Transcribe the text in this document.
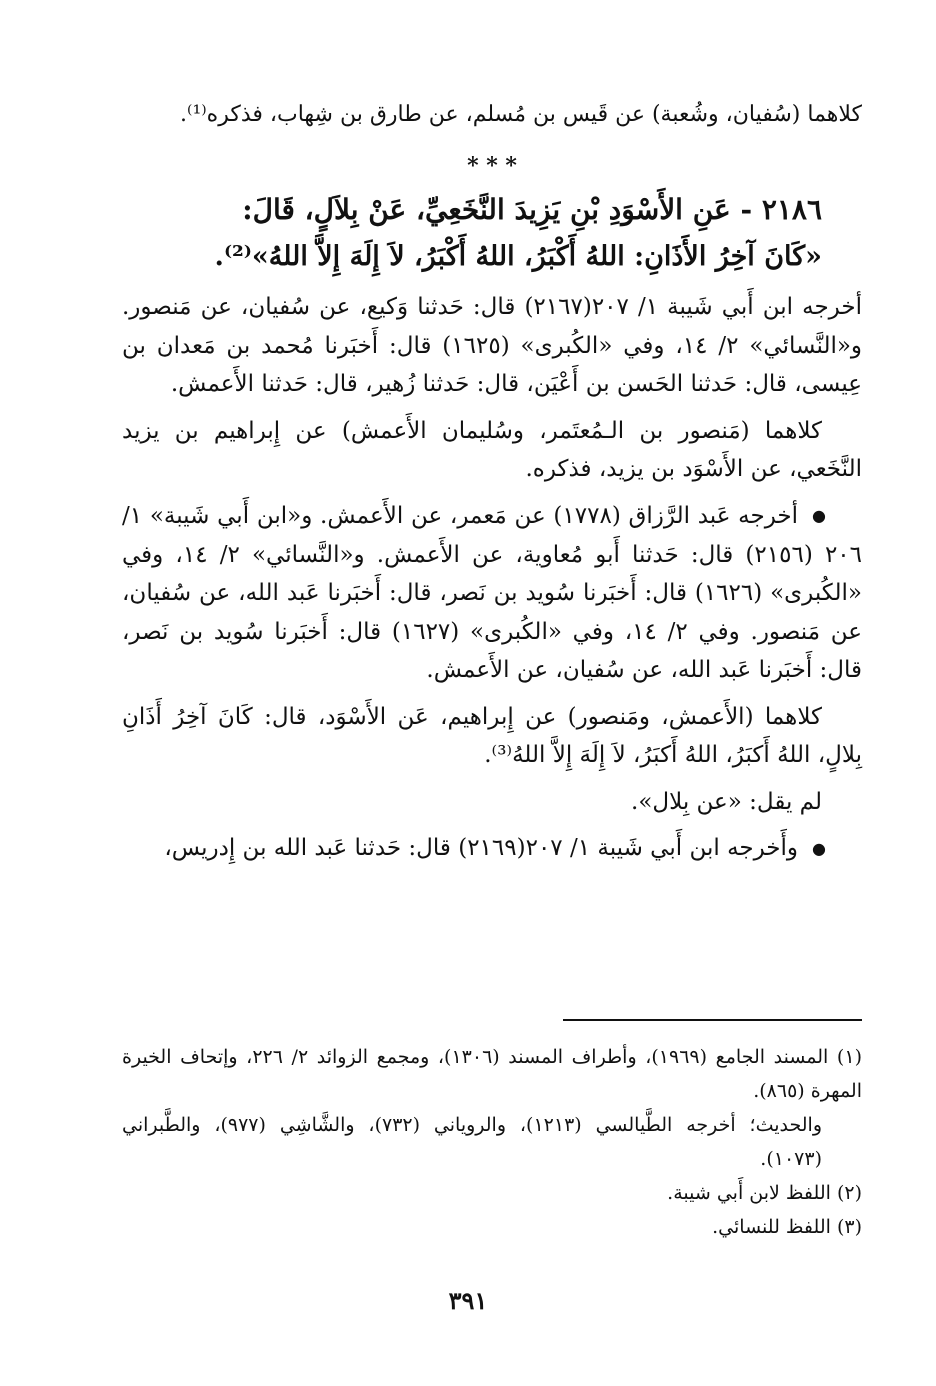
كلاهما (سُفيان، وشُعبة) عن قَيس بن مُسلم، عن طارق بن شِهاب، فذكره⁽¹⁾.

* * *

٢١٨٦ - عَنِ الأَسْوَدِ بْنِ يَزِيدَ النَّخَعِيِّ، عَنْ بِلاَلٍ، قَالَ:

«كَانَ آخِرُ الأَذَانِ: اللهُ أَكْبَرُ، اللهُ أَكْبَرُ، لاَ إِلَهَ إِلاَّ اللهُ»⁽²⁾.

أخرجه ابن أَبي شَيبة ١/ ٢٠٧(٢١٦٧) قال: حَدثنا وَكيع، عن سُفيان، عن مَنصور. و«النَّسائي» ٢/ ١٤، وفي «الكُبرى» (١٦٢٥) قال: أَخبَرنا مُحمد بن مَعدان بن عِيسى، قال: حَدثنا الحَسن بن أَعْيَن، قال: حَدثنا زُهير، قال: حَدثنا الأَعمش.

كلاهما (مَنصور بن الـمُعتَمر، وسُليمان الأَعمش) عن إِبراهيم بن يزيد النَّخَعي، عن الأَسْوَد بن يزيد، فذكره.

●أخرجه عَبد الرَّزاق (١٧٧٨) عن مَعمر، عن الأَعمش. و«ابن أَبي شَيبة» ١/ ٢٠٦ (٢١٥٦) قال: حَدثنا أَبو مُعاوية، عن الأَعمش. و«النَّسائي» ٢/ ١٤، وفي «الكُبرى» (١٦٢٦) قال: أَخبَرنا سُويد بن نَصر، قال: أَخبَرنا عَبد الله، عن سُفيان، عن مَنصور. وفي ٢/ ١٤، وفي «الكُبرى» (١٦٢٧) قال: أَخبَرنا سُويد بن نَصر، قال: أَخبَرنا عَبد الله، عن سُفيان، عن الأَعمش.

كلاهما (الأَعمش، ومَنصور) عن إِبراهيم، عَن الأَسْوَد، قال: كَانَ آخِرُ أَذَانِ بِلالٍ، اللهُ أَكبَرُ، اللهُ أَكبَرُ، لاَ إِلَهَ إِلاَّ اللهُ⁽³⁾.

لم يقل: «عن بِلال».

●وأَخرجه ابن أَبي شَيبة ١/ ٢٠٧(٢١٦٩) قال: حَدثنا عَبد الله بن إِدريس،

(١) المسند الجامع (١٩٦٩)، وأطراف المسند (١٣٠٦)، ومجمع الزوائد ٢/ ٢٢٦، وإتحاف الخيرة المهرة (٨٦٥).

والحديث؛ أخرجه الطَّيالسي (١٢١٣)، والروياني (٧٣٢)، والشَّاشِي (٩٧٧)، والطَّبراني (١٠٧٣).

(٢) اللفظ لابن أَبي شيبة.

(٣) اللفظ للنسائي.

٣٩١
